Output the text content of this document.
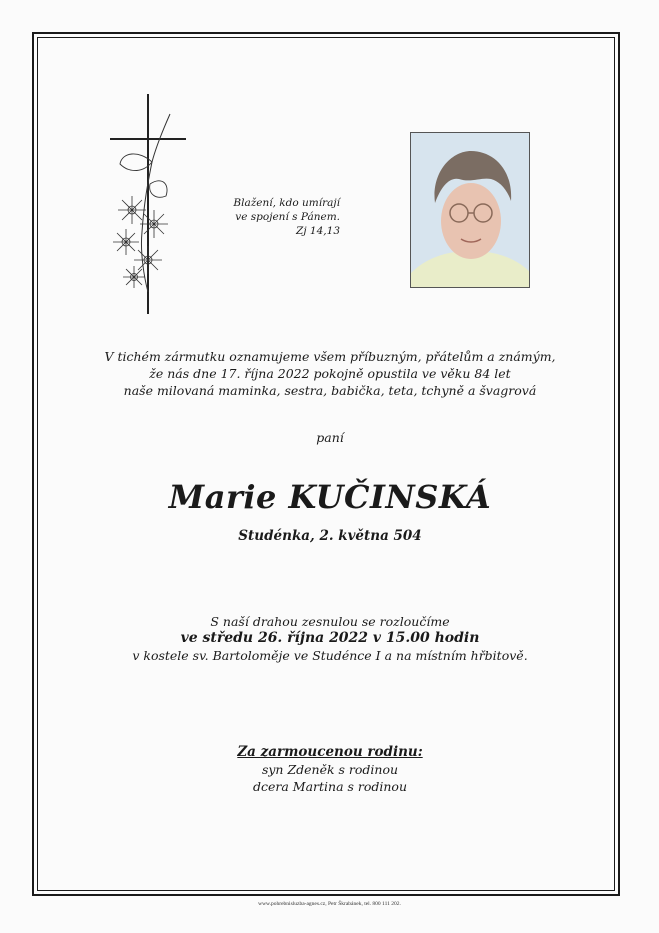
Blažení, kdo umírají
ve spojení s Pánem.
Zj 14,13
V tichém zármutku oznamujeme všem příbuzným, přátelům a známým,
že nás dne 17. října 2022 pokojně opustila ve věku 84 let
naše milovaná maminka, sestra, babička, teta, tchyně a švagrová
paní
Marie KUČINSKÁ
Studénka, 2. května 504
S naší drahou zesnulou se rozloučíme
ve středu 26. října 2022 v 15.00 hodin
v kostele sv. Bartoloměje ve Studénce I a na místním hřbitově.
Za zarmoucenou rodinu:
syn Zdeněk s rodinou
dcera Martina s rodinou
www.pohrebnisluzba-agnes.cz, Petr Škrabánek, tel. 800 111 202.
